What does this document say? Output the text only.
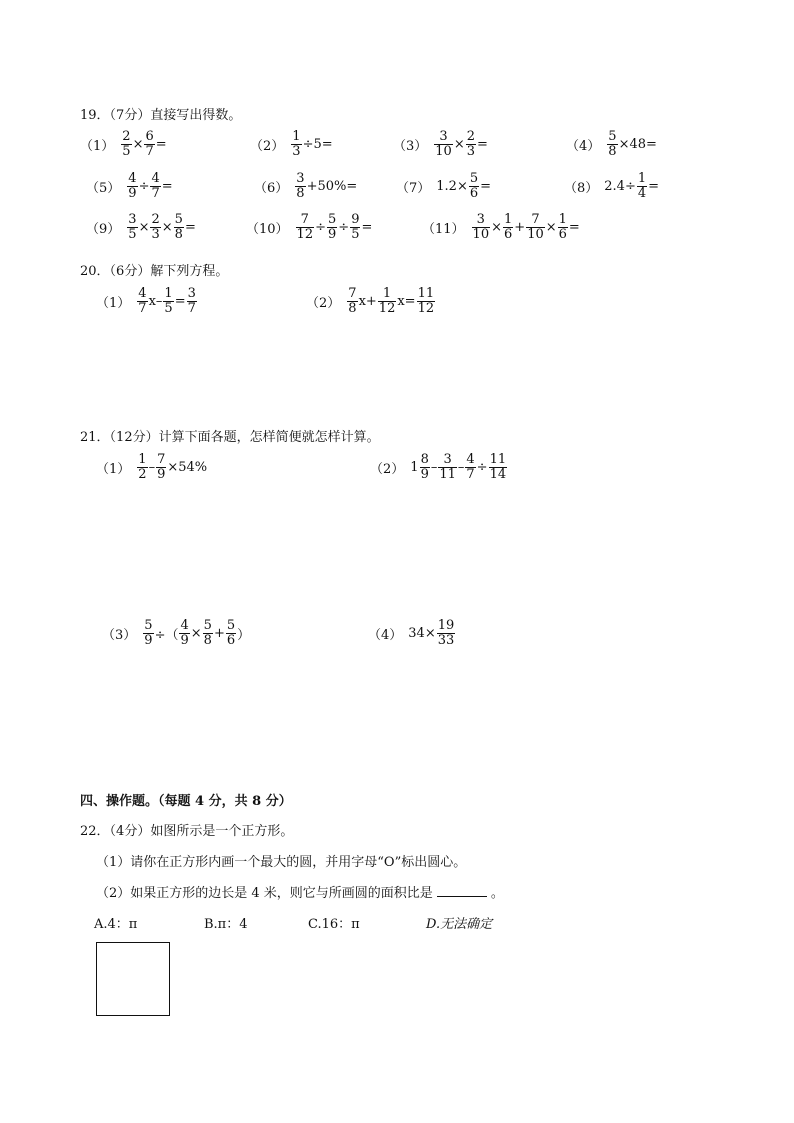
19．（7分）直接写出得数。
$(1) \frac{2}{5} \times \frac{6}{7}$ =	$(2) \frac{1}{3} \div 5=$	$(3) \frac{3}{10} \times \frac{2}{3}$ =	$(4) \frac{5}{8} \times 48=$
$(5) \frac{4}{9} \div \frac{4}{7}$ =	$(6) \frac{3}{8} +50\%=$	（7） $1.2\times \frac{5}{6}$ =	（8） $2.4\div \frac{1}{4}$ =
$(9) \frac{3}{5} \times \frac{2}{3} \times \frac{5}{8}$ =	$(10) \frac{7}{12} \div \frac{5}{9} \div \frac{9}{5}$ =	$(11) \frac{3}{10} \times \frac{1}{6} + \frac{7}{10} \times \frac{1}{6}$ =
20．（6分）解下列方程。
$(1) \frac{4}{7} x- \frac{1}{5} = \frac{3}{7}$	$(2) \frac{7}{8} x+ \frac{1}{12} x= \frac{11}{12}$
21．（12分）计算下面各题，怎样简便就怎样计算。
$(1) \frac{1}{2} - \frac{7}{9} \times 54\%$	（2） $1 \frac{8}{9} - \frac{3}{11} - \frac{4}{7} \div \frac{11}{14}$
$(3) \frac{5}{9}$ ÷（ $\frac{4}{9} \times \frac{5}{8} + \frac{5}{6}$ ）	（4） $34\times \frac{19}{33}$
四、操作题。（每题 4 分，共 8 分）
22．（4分）如图所示是一个正方形。
（1）请你在正方形内画一个最大的圆，并用字母“O”标出圆心。
（2）如果正方形的边长是 4 米，则它与所画圆的面积比是	。
A.4：π	B.π：4	C.16：π	D.无法确定
